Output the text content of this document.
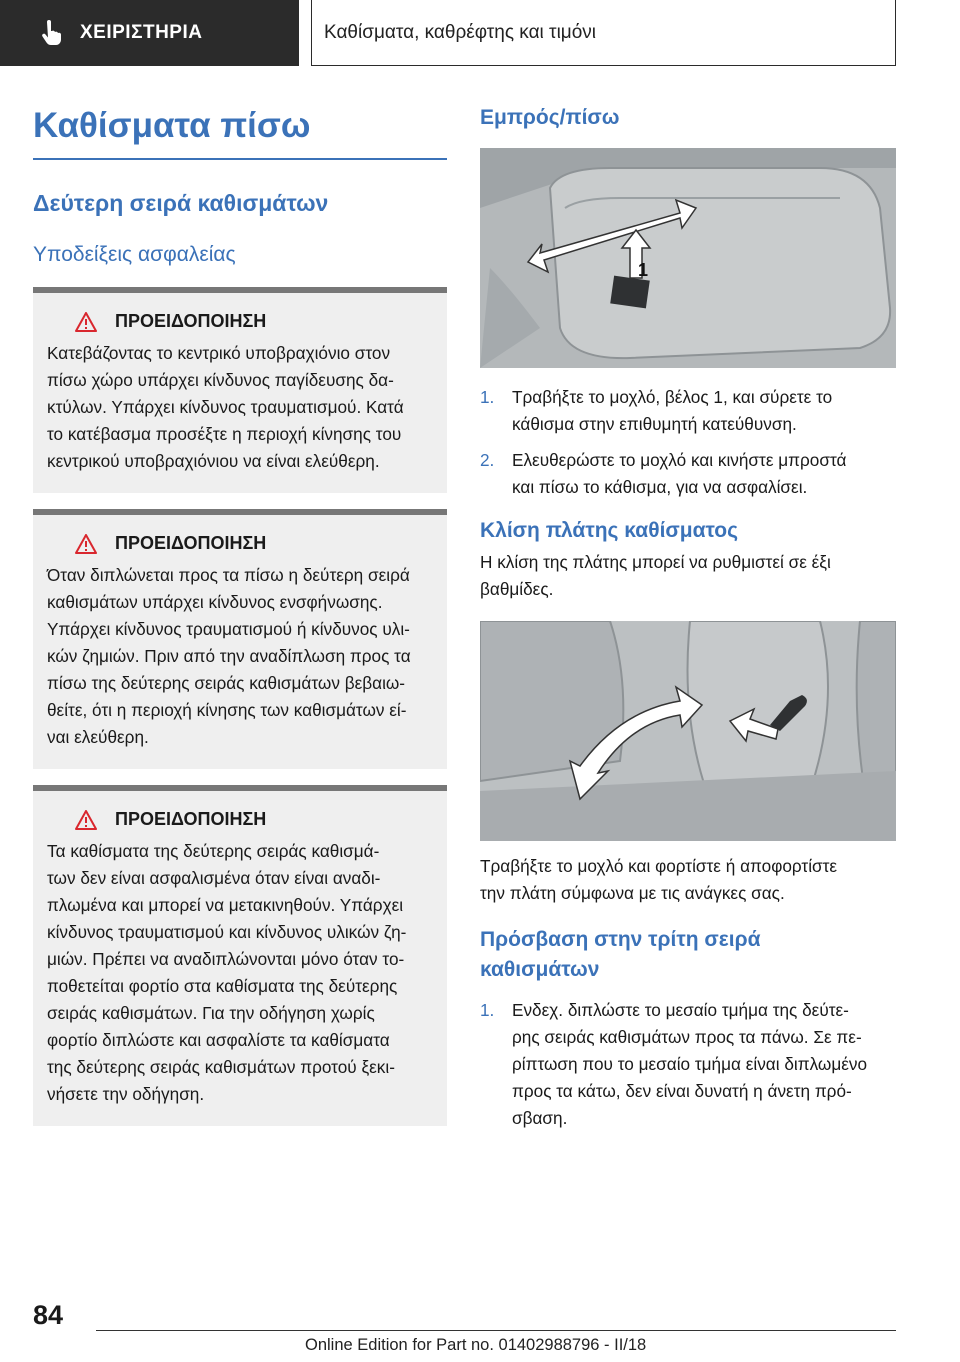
ΧΕΙΡΙΣΤΗΡΙΑ	Καθίσματα, καθρέφτης και τιμόνι
Καθίσματα πίσω
Δεύτερη σειρά καθισμάτων
Υποδείξεις ασφαλείας
ΠΡΟΕΙΔΟΠΟΙΗΣΗ
Κατεβάζοντας το κεντρικό υποβραχιόνιο στον
πίσω χώρο υπάρχει κίνδυνος παγίδευσης δα-
κτύλων. Υπάρχει κίνδυνος τραυματισμού. Κατά
το κατέβασμα προσέξτε η περιοχή κίνησης του
κεντρικού υποβραχιόνιου να είναι ελεύθερη.
ΠΡΟΕΙΔΟΠΟΙΗΣΗ
Όταν διπλώνεται προς τα πίσω η δεύτερη σειρά
καθισμάτων υπάρχει κίνδυνος ενσφήνωσης.
Υπάρχει κίνδυνος τραυματισμού ή κίνδυνος υλι-
κών ζημιών. Πριν από την αναδίπλωση προς τα
πίσω της δεύτερης σειράς καθισμάτων βεβαιω-
θείτε, ότι η περιοχή κίνησης των καθισμάτων εί-
ναι ελεύθερη.
ΠΡΟΕΙΔΟΠΟΙΗΣΗ
Τα καθίσματα της δεύτερης σειράς καθισμά-
των δεν είναι ασφαλισμένα όταν είναι αναδι-
πλωμένα και μπορεί να μετακινηθούν. Υπάρχει
κίνδυνος τραυματισμού και κίνδυνος υλικών ζη-
μιών. Πρέπει να αναδιπλώνονται μόνο όταν το-
ποθετείται φορτίο στα καθίσματα της δεύτερης
σειράς καθισμάτων. Για την οδήγηση χωρίς
φορτίο διπλώστε και ασφαλίστε τα καθίσματα
της δεύτερης σειράς καθισμάτων προτού ξεκι-
νήσετε την οδήγηση.
Εμπρός/πίσω
1
1.	Τραβήξτε το μοχλό, βέλος 1, και σύρετε το
κάθισμα στην επιθυμητή κατεύθυνση.
2.	Ελευθερώστε το μοχλό και κινήστε μπροστά
και πίσω το κάθισμα, για να ασφαλίσει.
Κλίση πλάτης καθίσματος
Η κλίση της πλάτης μπορεί να ρυθμιστεί σε έξι
βαθμίδες.
Τραβήξτε το μοχλό και φορτίστε ή αποφορτίστε
την πλάτη σύμφωνα με τις ανάγκες σας.
Πρόσβαση στην τρίτη σειρά
καθισμάτων
1.	Ενδεχ. διπλώστε το μεσαίο τμήμα της δεύτε-
ρης σειράς καθισμάτων προς τα πάνω. Σε πε-
ρίπτωση που το μεσαίο τμήμα είναι διπλωμένο
προς τα κάτω, δεν είναι δυνατή η άνετη πρό-
σβαση.
84
Online Edition for Part no. 01402988796 - II/18
